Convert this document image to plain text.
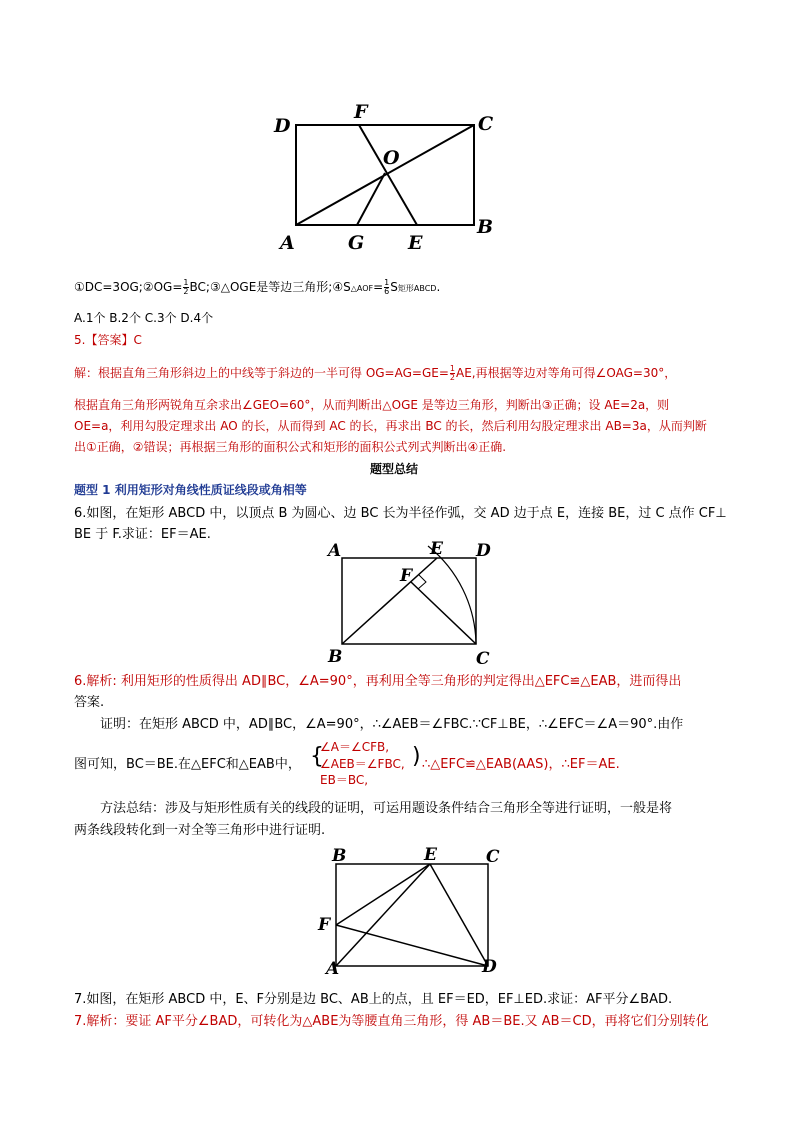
D
F
C
O
A	G E
B
①DC=3OG;②OG= $\frac{1}{2}$ BC;③△OGE是等边三角形;④S△AOF= $\frac{1}{6}$ S矩形ABCD.
A.1个 B.2个 C.3个 D.4个
5.【答案】C
解：根据直角三角形斜边上的中线等于斜边的一半可得 $OG=AG=GE= \frac{1}{2}$ AE,再根据等边对等角可得∠OAG=30°，
根据直角三角形两锐角互余求出∠GEO=60°，从而判断出△OGE 是等边三角形，判断出③正确；设 AE=2a，则
OE=a，利用勾股定理求出 AO 的长，从而得到 AC 的长，再求出 BC 的长，然后利用勾股定理求出 AB=3a，从而判断
出①正确，②错误；再根据三角形的面积公式和矩形的面积公式列式判断出④正确.
题型总结
题型 1 利用矩形对角线性质证线段或角相等
6.如图，在矩形 ABCD 中，以顶点 B 为圆心、边 BC 长为半径作弧，交 AD 边于点 E，连接 BE，过 C 点作 CF⊥
BE 于 F.求证：EF＝AE.
A	E D
F
B	C
6.解析: 利用矩形的性质得出 AD∥BC，∠A=90°，再利用全等三角形的判定得出△EFC≌△EAB，进而得出
答案.
证明：在矩形 ABCD 中，AD∥BC，∠A=90°，∴∠AEB＝∠FBC.∵CF⊥BE，∴∠EFC＝∠A＝90°.由作
图可知，BC＝BE.在△EFC和△EAB中， {
∠A＝∠CFB,
∠AEB＝∠FBC,
EB＝BC,
) ∴△EFC≌△EAB(AAS)，∴EF＝AE.
方法总结：涉及与矩形性质有关的线段的证明，可运用题设条件结合三角形全等进行证明，一般是将
两条线段转化到一对全等三角形中进行证明.
B	E	C
F
A	D
7.如图，在矩形 ABCD 中，E、F分别是边 BC、AB上的点，且 EF＝ED，EF⊥ED.求证：AF平分∠BAD.
7.解析：要证 AF平分∠BAD，可转化为△ABE为等腰直角三角形，得 AB＝BE.又 AB＝CD，再将它们分别转化
